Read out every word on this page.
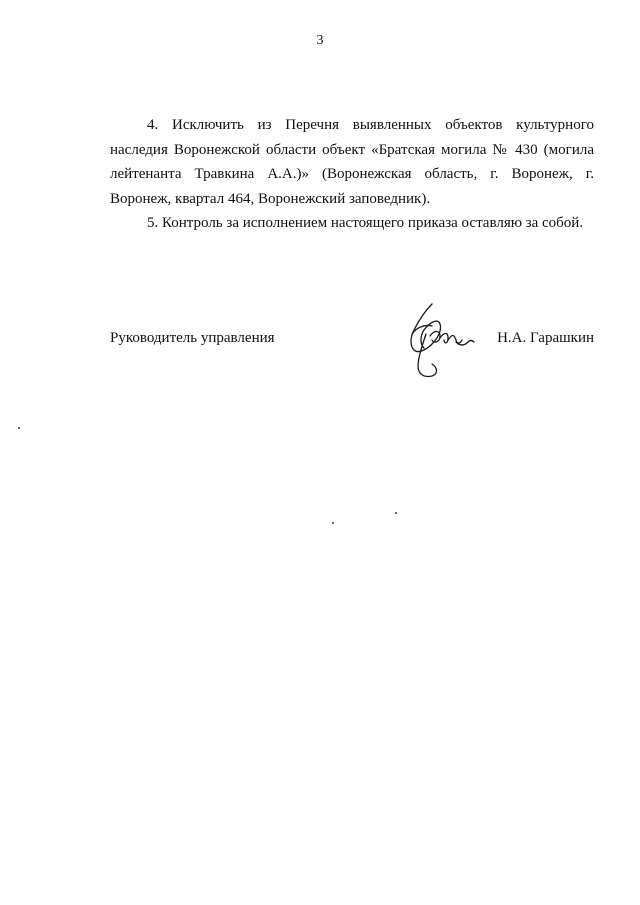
3

4. Исключить из Перечня выявленных объектов культурного наследия Воронежской области объект «Братская могила № 430 (могила лейтенанта Травкина А.А.)» (Воронежская область, г. Воронеж, г. Воронеж, квартал 464, Воронежский заповедник).

5. Контроль за исполнением настоящего приказа оставляю за собой.

Руководитель управления	Н.А. Гарашкин
